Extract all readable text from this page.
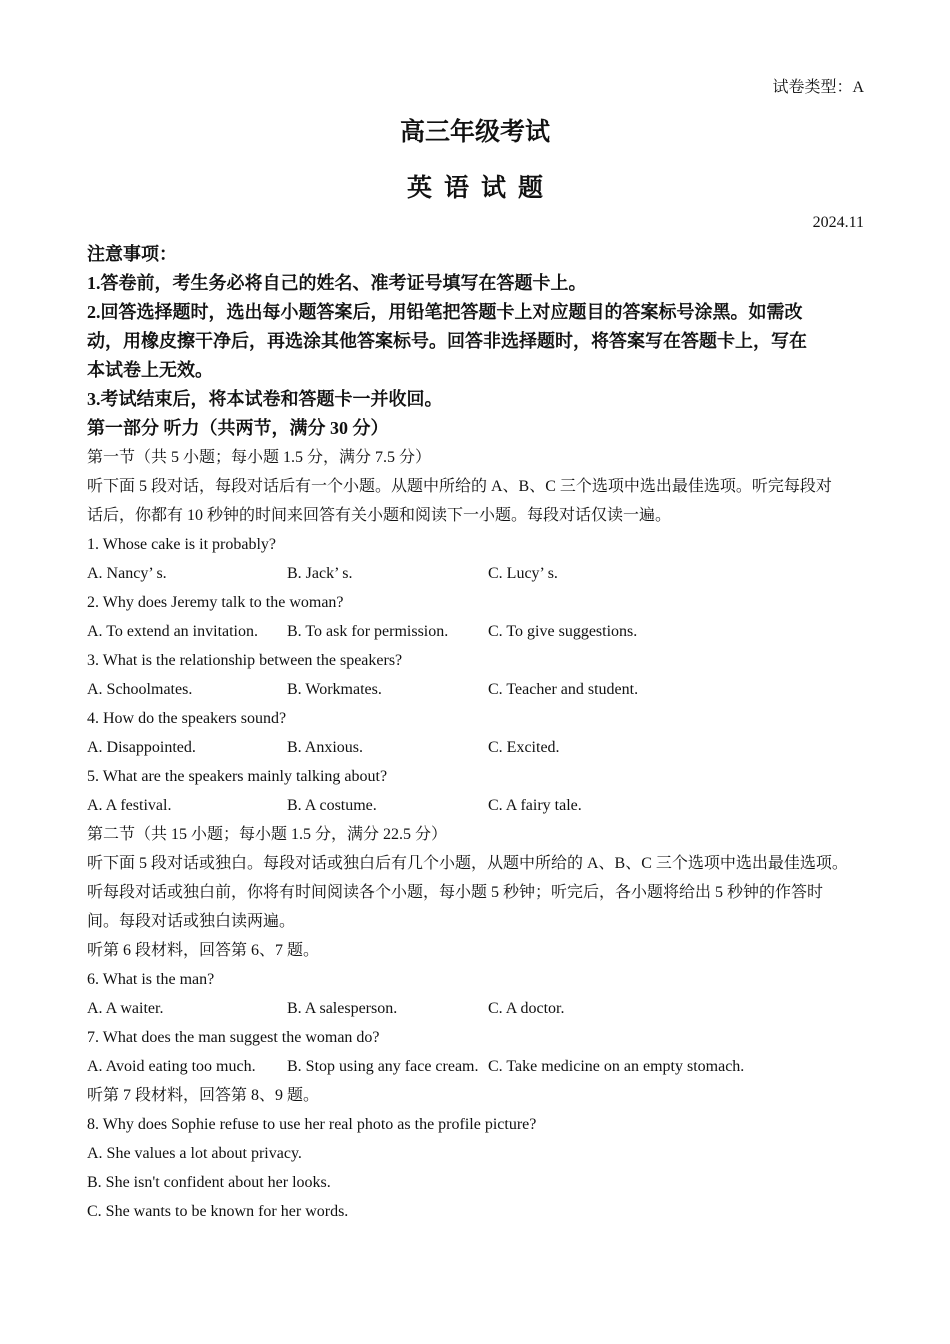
试卷类型：A
高三年级考试
英语试题
2024.11
注意事项：
1.答卷前，考生务必将自己的姓名、准考证号填写在答题卡上。
2.回答选择题时，选出每小题答案后，用铅笔把答题卡上对应题目的答案标号涂黑。如需改
动，用橡皮擦干净后，再选涂其他答案标号。回答非选择题时，将答案写在答题卡上，写在
本试卷上无效。
3.考试结束后，将本试卷和答题卡一并收回。
第一部分 听力（共两节，满分 30 分）
第一节（共 5 小题；每小题 1.5 分，满分 7.5 分）
听下面 5 段对话，每段对话后有一个小题。从题中所给的 A、B、C 三个选项中选出最佳选项。听完每段对
话后，你都有 10 秒钟的时间来回答有关小题和阅读下一小题。每段对话仅读一遍。
1. Whose cake is it probably?
A. Nancy’ s.	B. Jack’ s.	C. Lucy’ s.
2. Why does Jeremy talk to the woman?
A. To extend an invitation. B. To ask for permission. C. To give suggestions.
3. What is the relationship between the speakers?
A. Schoolmates.	B. Workmates.	C. Teacher and student.
4. How do the speakers sound?
A. Disappointed.	B. Anxious.	C. Excited.
5. What are the speakers mainly talking about?
A. A festival.	B. A costume.	C. A fairy tale.
第二节（共 15 小题；每小题 1.5 分，满分 22.5 分）
听下面 5 段对话或独白。每段对话或独白后有几个小题，从题中所给的 A、B、C 三个选项中选出最佳选项。
听每段对话或独白前，你将有时间阅读各个小题，每小题 5 秒钟；听完后，各小题将给出 5 秒钟的作答时
间。每段对话或独白读两遍。
听第 6 段材料，回答第 6、7 题。
6. What is the man?
A. A waiter.	B. A salesperson.	C. A doctor.
7. What does the man suggest the woman do?
A. Avoid eating too much. B. Stop using any face cream. C. Take medicine on an empty stomach.
听第 7 段材料，回答第 8、9 题。
8. Why does Sophie refuse to use her real photo as the profile picture?
A. She values a lot about privacy.
B. She isn't confident about her looks.
C. She wants to be known for her words.
